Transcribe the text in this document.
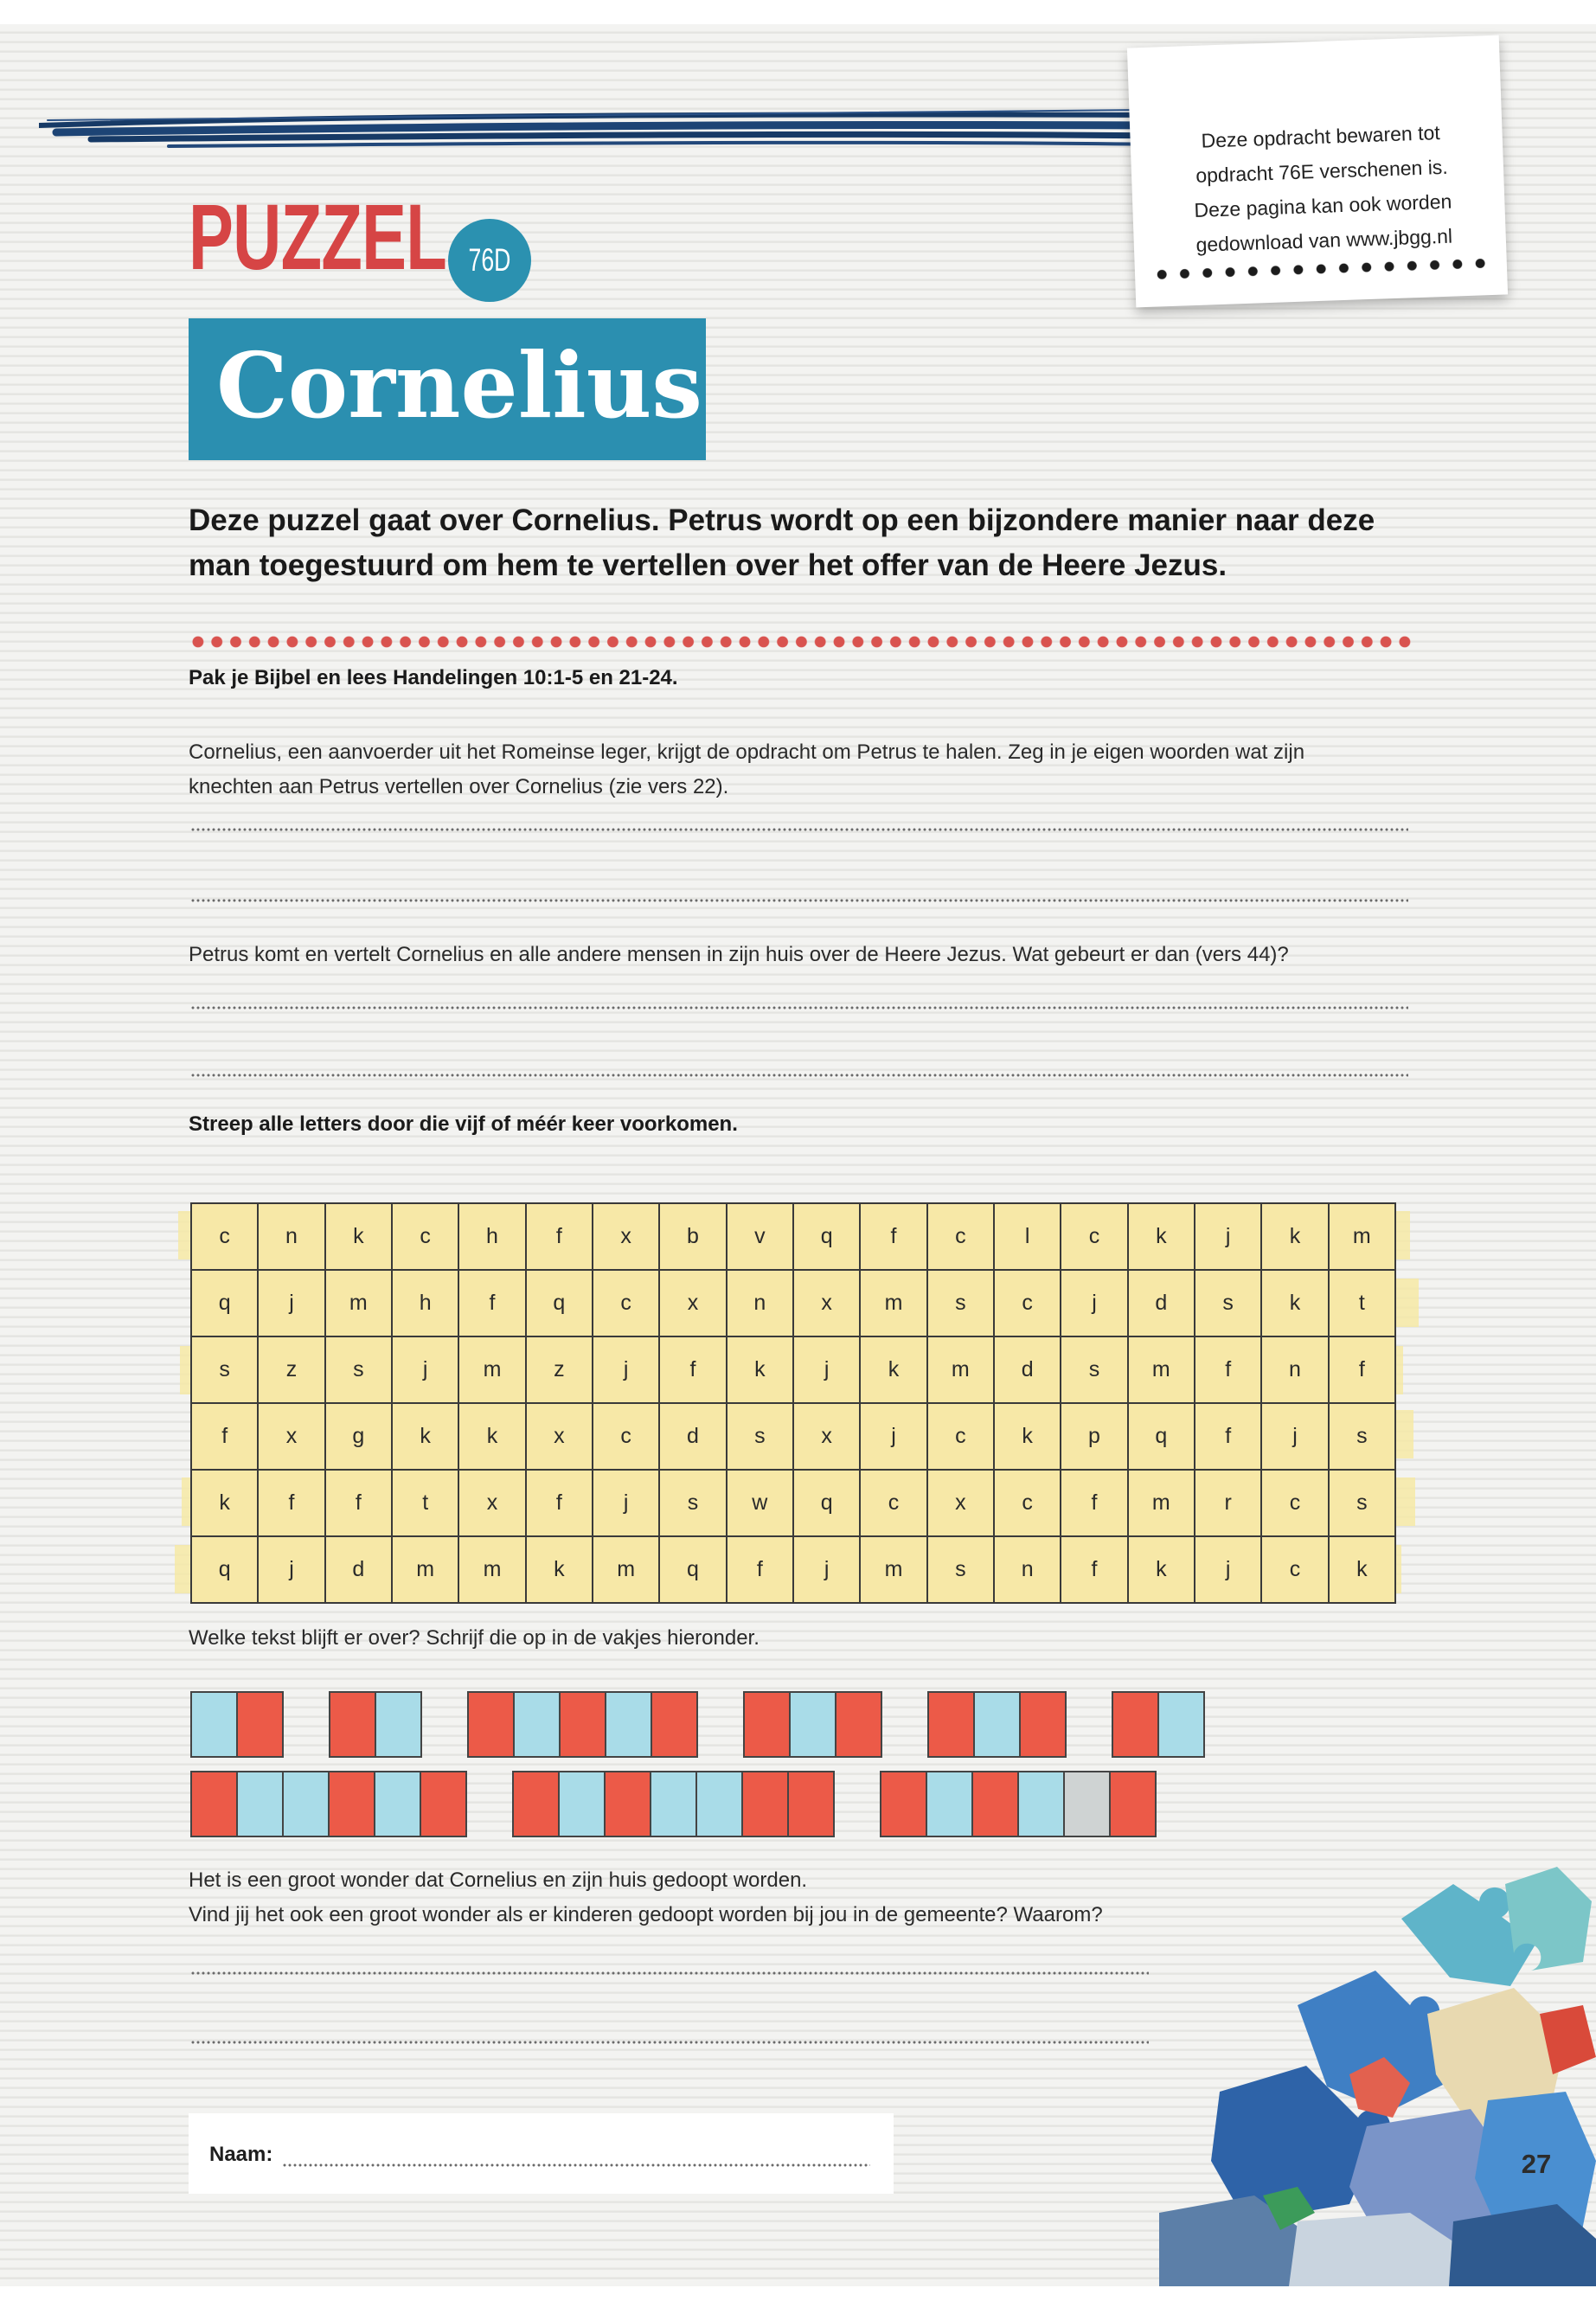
Deze opdracht bewaren tot
opdracht 76E verschenen is.
Deze pagina kan ook worden
gedownload van www.jbgg.nl
PUZZEL 76D
Cornelius
Deze puzzel gaat over Cornelius. Petrus wordt op een bijzondere manier naar deze
man toegestuurd om hem te vertellen over het offer van de Heere Jezus.
Pak je Bijbel en lees Handelingen 10:1-5 en 21-24.
Cornelius, een aanvoerder uit het Romeinse leger, krijgt de opdracht om Petrus te halen. Zeg in je eigen woorden wat zijn
knechten aan Petrus vertellen over Cornelius (zie vers 22).
Petrus komt en vertelt Cornelius en alle andere mensen in zijn huis over de Heere Jezus. Wat gebeurt er dan (vers 44)?
Streep alle letters door die vijf of méér keer voorkomen.
c	n	k	c	h	f	x	b	v	q	f	c	l	c	k	j	k	m
q	j	m	h	f	q	c	x	n	x	m	s	c	j	d	s	k	t
s	z	s	j	m	z	j	f	k	j	k	m	d	s	m	f	n	f
f	x	g	k	k	x	c	d	s	x	j	c	k	p	q	f	j	s
k	f	f	t	x	f	j	s	w	q	c	x	c	f	m	r	c	s
q	j	d	m	m	k	m	q	f	j	m	s	n	f	k	j	c	k
Welke tekst blijft er over? Schrijf die op in de vakjes hieronder.
Het is een groot wonder dat Cornelius en zijn huis gedoopt worden.
Vind jij het ook een groot wonder als er kinderen gedoopt worden bij jou in de gemeente? Waarom?
Naam:	27
